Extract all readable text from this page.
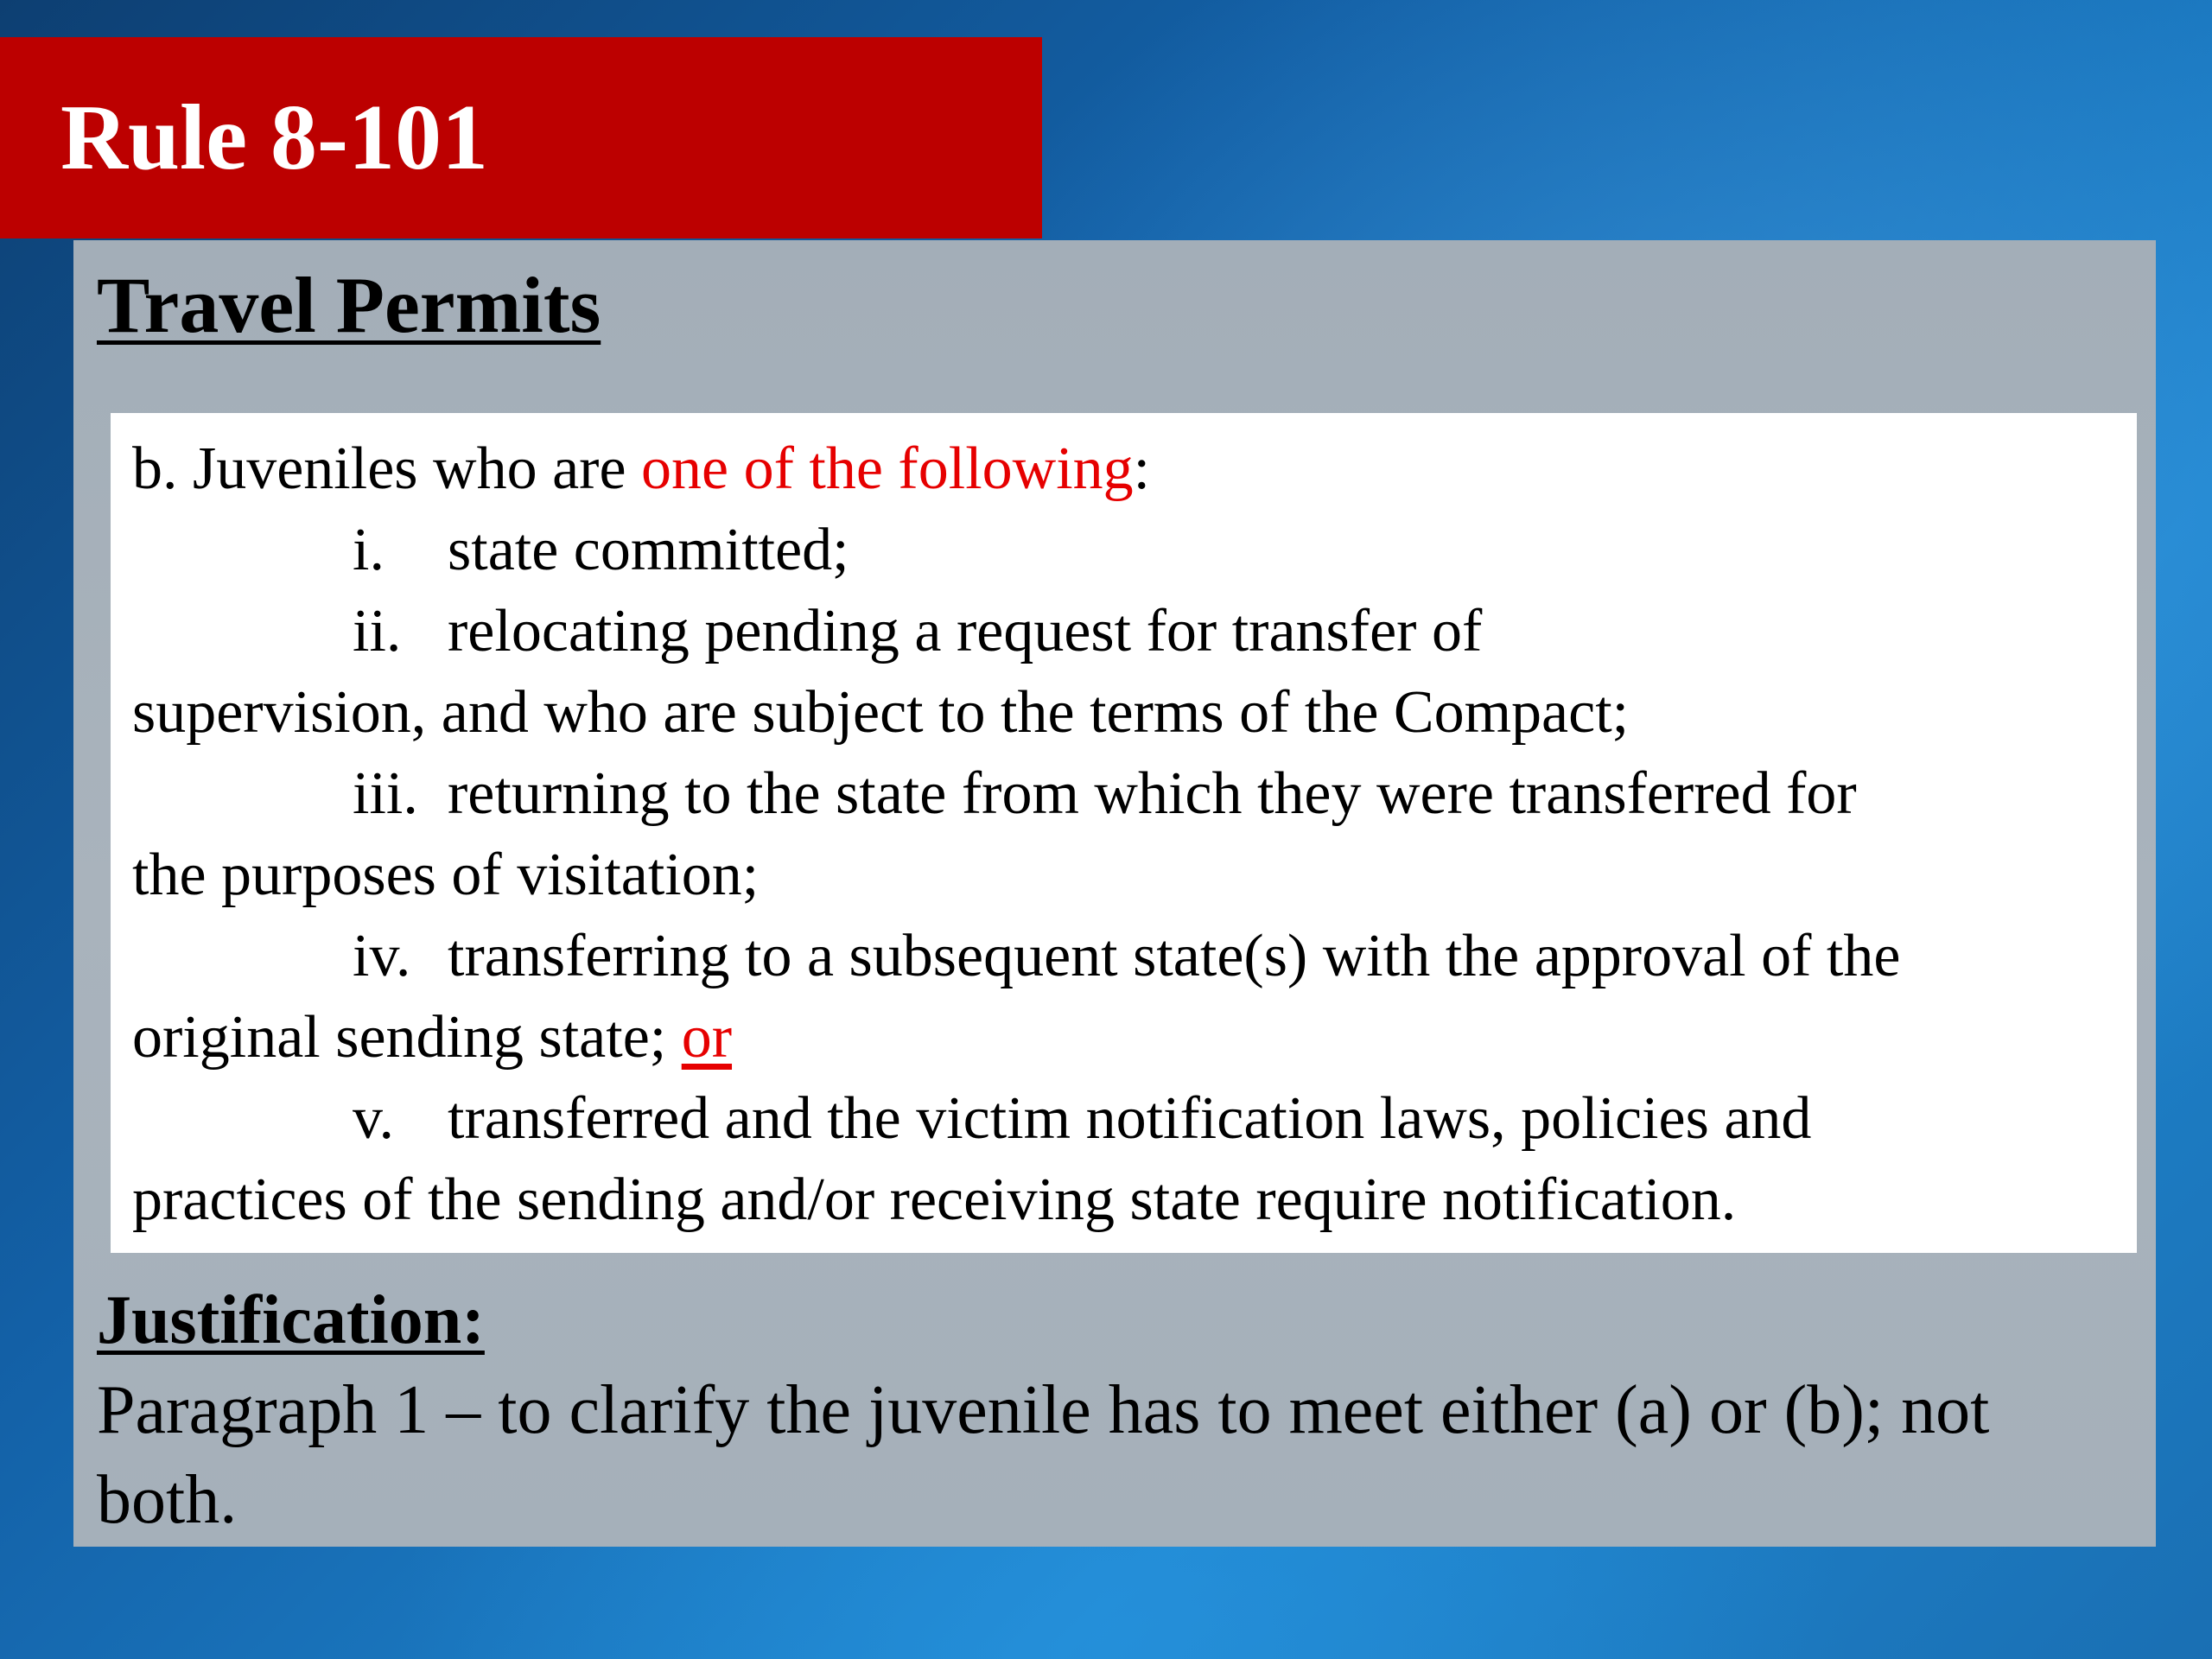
Rule 8-101
Travel Permits
b. Juveniles who are one of the following:
i. state committed;
ii. relocating pending a request for transfer of
supervision, and who are subject to the terms of the Compact;
iii. returning to the state from which they were transferred for
the purposes of visitation;
iv. transferring to a subsequent state(s) with the approval of the
original sending state; or
v. transferred and the victim notification laws, policies and
practices of the sending and/or receiving state require notification.
Justification:
Paragraph 1 – to clarify the juvenile has to meet either (a) or (b); not both.
